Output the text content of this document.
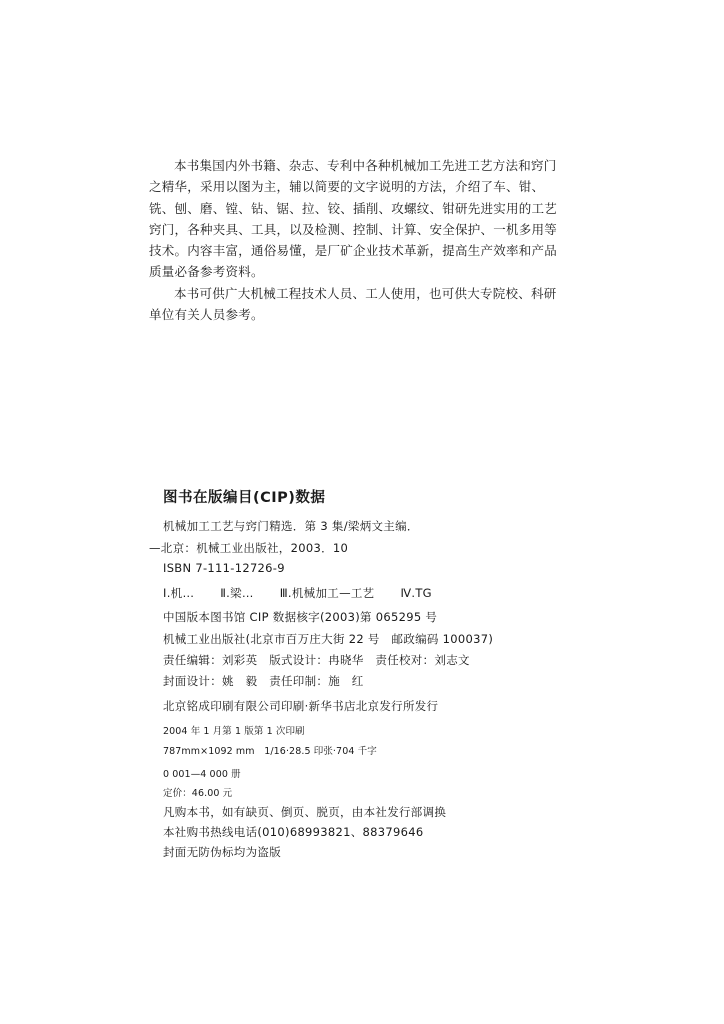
本书集国内外书籍、杂志、专利中各种机械加工先进工艺方法和窍门
之精华，采用以图为主，辅以简要的文字说明的方法，介绍了车、钳、
铣、刨、磨、镗、钻、锯、拉、铰、插削、攻螺纹、钳研先进实用的工艺
窍门，各种夹具、工具，以及检测、控制、计算、安全保护、一机多用等
技术。内容丰富，通俗易懂，是厂矿企业技术革新，提高生产效率和产品
质量必备参考资料。

本书可供广大机械工程技术人员、工人使用，也可供大专院校、科研
单位有关人员参考。

图书在版编目(CIP)数据
机械加工工艺与窍门精选．第 3 集/梁炳文主编．
—北京：机械工业出版社，2003．10
ISBN 7-111-12726-9
Ⅰ.机… Ⅱ.梁… Ⅲ.机械加工—工艺 Ⅳ.TG
中国版本图书馆 CIP 数据核字(2003)第 065295 号
机械工业出版社(北京市百万庄大街 22 号　邮政编码 100037)
责任编辑：刘彩英　版式设计：冉晓华　责任校对：刘志文
封面设计：姚　毅　责任印制：施　红
北京铭成印刷有限公司印刷·新华书店北京发行所发行
2004 年 1 月第 1 版第 1 次印刷
787mm×1092 mm　1/16·28.5 印张·704 千字
0 001—4 000 册
定价：46.00 元
凡购本书，如有缺页、倒页、脱页，由本社发行部调换
本社购书热线电话(010)68993821、88379646
封面无防伪标均为盗版
